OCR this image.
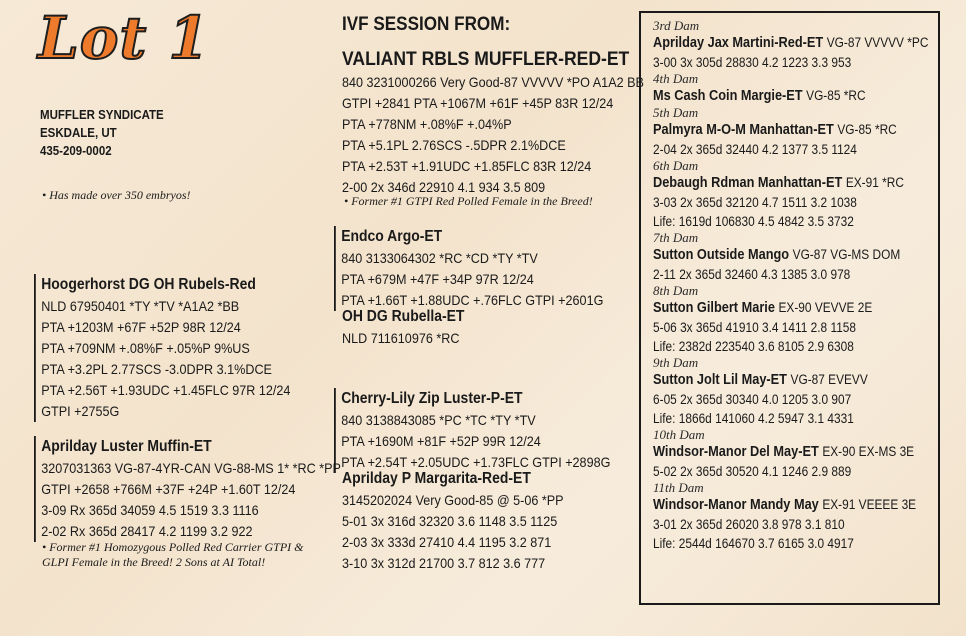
Lot 1
MUFFLER SYNDICATE
ESKDALE, UT
435-209-0002
• Has made over 350 embryos!
Hoogerhorst DG OH Rubels-Red
NLD 67950401 *TY *TV *A1A2 *BB
PTA +1203M +67F +52P 98R 12/24
PTA +709NM +.08%F +.05%P 9%US
PTA +3.2PL 2.77SCS -3.0DPR 3.1%DCE
PTA +2.56T +1.93UDC +1.45FLC 97R 12/24
GTPI +2755G
Aprilday Luster Muffin-ET
3207031363 VG-87-4YR-CAN VG-88-MS 1* *RC *PP
GTPI +2658 +766M +37F +24P +1.60T 12/24
3-09 Rx 365d 34059 4.5 1519 3.3 1116
2-02 Rx 365d 28417 4.2 1199 3.2 922
• Former #1 Homozygous Polled Red Carrier GTPI & GLPI Female in the Breed! 2 Sons at AI Total!
IVF SESSION FROM:
VALIANT RBLS MUFFLER-RED-ET
840 3231000266 Very Good-87 VVVVV *PO A1A2 BB
GTPI +2841 PTA +1067M +61F +45P 83R 12/24
PTA +778NM +.08%F +.04%P
PTA +5.1PL 2.76SCS -.5DPR 2.1%DCE
PTA +2.53T +1.91UDC +1.85FLC 83R 12/24
2-00 2x 346d 22910 4.1 934 3.5 809
• Former #1 GTPI Red Polled Female in the Breed!
Endco Argo-ET
840 3133064302 *RC *CD *TY *TV
PTA +679M +47F +34P 97R 12/24
PTA +1.66T +1.88UDC +.76FLC GTPI +2601G
OH DG Rubella-ET
NLD 711610976 *RC
Cherry-Lily Zip Luster-P-ET
840 3138843085 *PC *TC *TY *TV
PTA +1690M +81F +52P 99R 12/24
PTA +2.54T +2.05UDC +1.73FLC GTPI +2898G
Aprilday P Margarita-Red-ET
3145202024 Very Good-85 @ 5-06 *PP
5-01 3x 316d 32320 3.6 1148 3.5 1125
2-03 3x 333d 27410 4.4 1195 3.2 871
3-10 3x 312d 21700 3.7 812 3.6 777
3rd Dam
Aprilday Jax Martini-Red-ET VG-87 VVVVV *PC
3-00 3x 305d 28830 4.2 1223 3.3 953
4th Dam
Ms Cash Coin Margie-ET VG-85 *RC
5th Dam
Palmyra M-O-M Manhattan-ET VG-85 *RC
2-04 2x 365d 32440 4.2 1377 3.5 1124
6th Dam
Debaugh Rdman Manhattan-ET EX-91 *RC
3-03 2x 365d 32120 4.7 1511 3.2 1038
Life: 1619d 106830 4.5 4842 3.5 3732
7th Dam
Sutton Outside Mango VG-87 VG-MS DOM
2-11 2x 365d 32460 4.3 1385 3.0 978
8th Dam
Sutton Gilbert Marie EX-90 VEVVE 2E
5-06 3x 365d 41910 3.4 1411 2.8 1158
Life: 2382d 223540 3.6 8105 2.9 6308
9th Dam
Sutton Jolt Lil May-ET VG-87 EVEVV
6-05 2x 365d 30340 4.0 1205 3.0 907
Life: 1866d 141060 4.2 5947 3.1 4331
10th Dam
Windsor-Manor Del May-ET EX-90 EX-MS 3E
5-02 2x 365d 30520 4.1 1246 2.9 889
11th Dam
Windsor-Manor Mandy May EX-91 VEEEE 3E
3-01 2x 365d 26020 3.8 978 3.1 810
Life: 2544d 164670 3.7 6165 3.0 4917
